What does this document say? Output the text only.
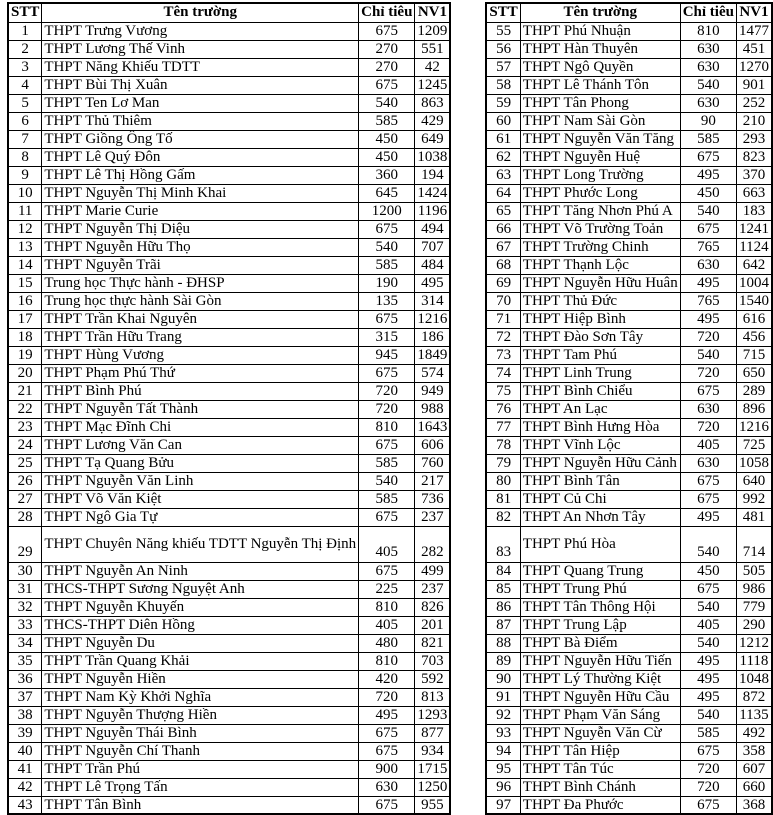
STT	Tên trường	Chỉ tiêu	NV1
1	THPT Trưng Vương	675	1209
2	THPT Lương Thế Vinh	270	551
3	THPT Năng Khiếu TDTT	270	42
4	THPT Bùi Thị Xuân	675	1245
5	THPT Ten Lơ Man	540	863
6	THPT Thủ Thiêm	585	429
7	THPT Giồng Ông Tố	450	649
8	THPT Lê Quý Đôn	450	1038
9	THPT Lê Thị Hồng Gấm	360	194
10	THPT Nguyễn Thị Minh Khai	645	1424
11	THPT Marie Curie	1200	1196
12	THPT Nguyễn Thị Diệu	675	494
13	THPT Nguyễn Hữu Thọ	540	707
14	THPT Nguyễn Trãi	585	484
15	Trung học Thực hành - ĐHSP	190	495
16	Trung học thực hành Sài Gòn	135	314
17	THPT Trần Khai Nguyên	675	1216
18	THPT Trần Hữu Trang	315	186
19	THPT Hùng Vương	945	1849
20	THPT Phạm Phú Thứ	675	574
21	THPT Bình Phú	720	949
22	THPT Nguyễn Tất Thành	720	988
23	THPT Mạc Đĩnh Chi	810	1643
24	THPT Lương Văn Can	675	606
25	THPT Tạ Quang Bửu	585	760
26	THPT Nguyễn Văn Linh	540	217
27	THPT Võ Văn Kiệt	585	736
28	THPT Ngô Gia Tự	675	237
29	THPT Chuyên Năng khiếu TDTT Nguyễn Thị Định	405	282
30	THPT Nguyễn An Ninh	675	499
31	THCS-THPT Sương Nguyệt Anh	225	237
32	THPT Nguyễn Khuyến	810	826
33	THCS-THPT Diên Hồng	405	201
34	THPT Nguyễn Du	480	821
35	THPT Trần Quang Khải	810	703
36	THPT Nguyễn Hiền	420	592
37	THPT Nam Kỳ Khởi Nghĩa	720	813
38	THPT Nguyễn Thượng Hiền	495	1293
39	THPT Nguyễn Thái Bình	675	877
40	THPT Nguyễn Chí Thanh	675	934
41	THPT Trần Phú	900	1715
42	THPT Lê Trọng Tấn	630	1250
43	THPT Tân Bình	675	955
STT	Tên trường	Chỉ tiêu	NV1
55	THPT Phú Nhuận	810	1477
56	THPT Hàn Thuyên	630	451
57	THPT Ngô Quyền	630	1270
58	THPT Lê Thánh Tôn	540	901
59	THPT Tân Phong	630	252
60	THPT Nam Sài Gòn	90	210
61	THPT Nguyễn Văn Tăng	585	293
62	THPT Nguyễn Huệ	675	823
63	THPT Long Trường	495	370
64	THPT Phước Long	450	663
65	THPT Tăng Nhơn Phú A	540	183
66	THPT Võ Trường Toản	675	1241
67	THPT Trường Chinh	765	1124
68	THPT Thạnh Lộc	630	642
69	THPT Nguyễn Hữu Huân	495	1004
70	THPT Thủ Đức	765	1540
71	THPT Hiệp Bình	495	616
72	THPT Đào Sơn Tây	720	456
73	THPT Tam Phú	540	715
74	THPT Linh Trung	720	650
75	THPT Bình Chiểu	675	289
76	THPT An Lạc	630	896
77	THPT Bình Hưng Hòa	720	1216
78	THPT Vĩnh Lộc	405	725
79	THPT Nguyễn Hữu Cảnh	630	1058
80	THPT Bình Tân	675	640
81	THPT Củ Chi	675	992
82	THPT An Nhơn Tây	495	481
83	THPT Phú Hòa	540	714
84	THPT Quang Trung	450	505
85	THPT Trung Phú	675	986
86	THPT Tân Thông Hội	540	779
87	THPT Trung Lập	405	290
88	THPT Bà Điểm	540	1212
89	THPT Nguyễn Hữu Tiến	495	1118
90	THPT Lý Thường Kiệt	495	1048
91	THPT Nguyễn Hữu Cầu	495	872
92	THPT Phạm Văn Sáng	540	1135
93	THPT Nguyễn Văn Cừ	585	492
94	THPT Tân Hiệp	675	358
95	THPT Tân Túc	720	607
96	THPT Bình Chánh	720	660
97	THPT Đa Phước	675	368
